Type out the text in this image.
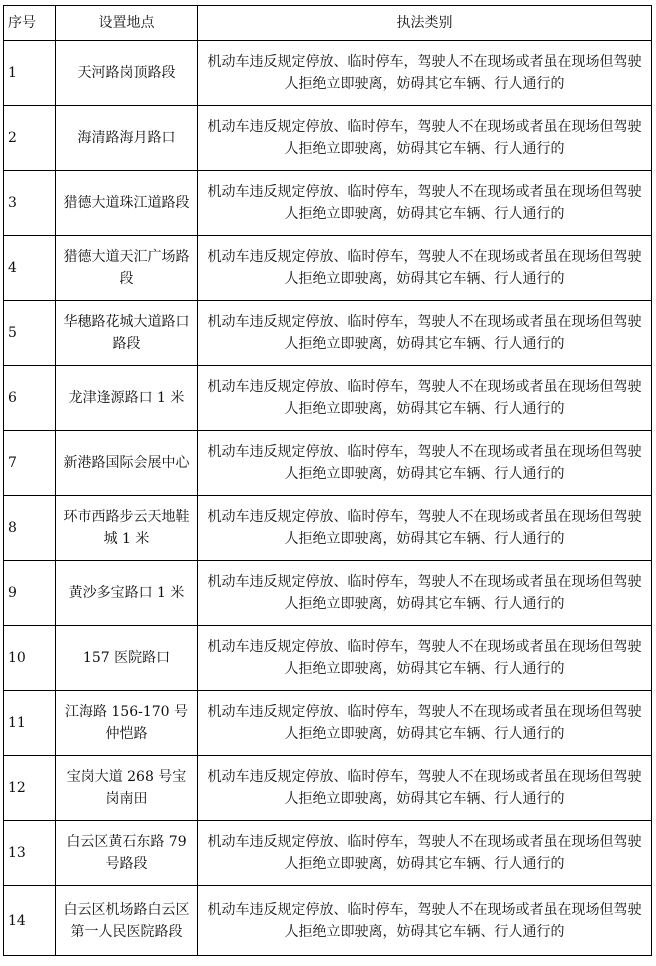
序号	设置地点	执法类别
1	天河路岗顶路段	机动车违反规定停放、临时停车，驾驶人不在现场或者虽在现场但驾驶人拒绝立即驶离，妨碍其它车辆、行人通行的
2	海清路海月路口	机动车违反规定停放、临时停车，驾驶人不在现场或者虽在现场但驾驶人拒绝立即驶离，妨碍其它车辆、行人通行的
3	猎德大道珠江道路段	机动车违反规定停放、临时停车，驾驶人不在现场或者虽在现场但驾驶人拒绝立即驶离，妨碍其它车辆、行人通行的
4	猎德大道天汇广场路段	机动车违反规定停放、临时停车，驾驶人不在现场或者虽在现场但驾驶人拒绝立即驶离，妨碍其它车辆、行人通行的
5	华穗路花城大道路口路段	机动车违反规定停放、临时停车，驾驶人不在现场或者虽在现场但驾驶人拒绝立即驶离，妨碍其它车辆、行人通行的
6	龙津逢源路口 1 米	机动车违反规定停放、临时停车，驾驶人不在现场或者虽在现场但驾驶人拒绝立即驶离，妨碍其它车辆、行人通行的
7	新港路国际会展中心	机动车违反规定停放、临时停车，驾驶人不在现场或者虽在现场但驾驶人拒绝立即驶离，妨碍其它车辆、行人通行的
8	环市西路步云天地鞋城 1 米	机动车违反规定停放、临时停车，驾驶人不在现场或者虽在现场但驾驶人拒绝立即驶离，妨碍其它车辆、行人通行的
9	黄沙多宝路口 1 米	机动车违反规定停放、临时停车，驾驶人不在现场或者虽在现场但驾驶人拒绝立即驶离，妨碍其它车辆、行人通行的
10	157 医院路口	机动车违反规定停放、临时停车，驾驶人不在现场或者虽在现场但驾驶人拒绝立即驶离，妨碍其它车辆、行人通行的
11	江海路 156-170 号仲恺路	机动车违反规定停放、临时停车，驾驶人不在现场或者虽在现场但驾驶人拒绝立即驶离，妨碍其它车辆、行人通行的
12	宝岗大道 268 号宝岗南田	机动车违反规定停放、临时停车，驾驶人不在现场或者虽在现场但驾驶人拒绝立即驶离，妨碍其它车辆、行人通行的
13	白云区黄石东路 79 号路段	机动车违反规定停放、临时停车，驾驶人不在现场或者虽在现场但驾驶人拒绝立即驶离，妨碍其它车辆、行人通行的
14	白云区机场路白云区第一人民医院路段	机动车违反规定停放、临时停车，驾驶人不在现场或者虽在现场但驾驶人拒绝立即驶离，妨碍其它车辆、行人通行的
